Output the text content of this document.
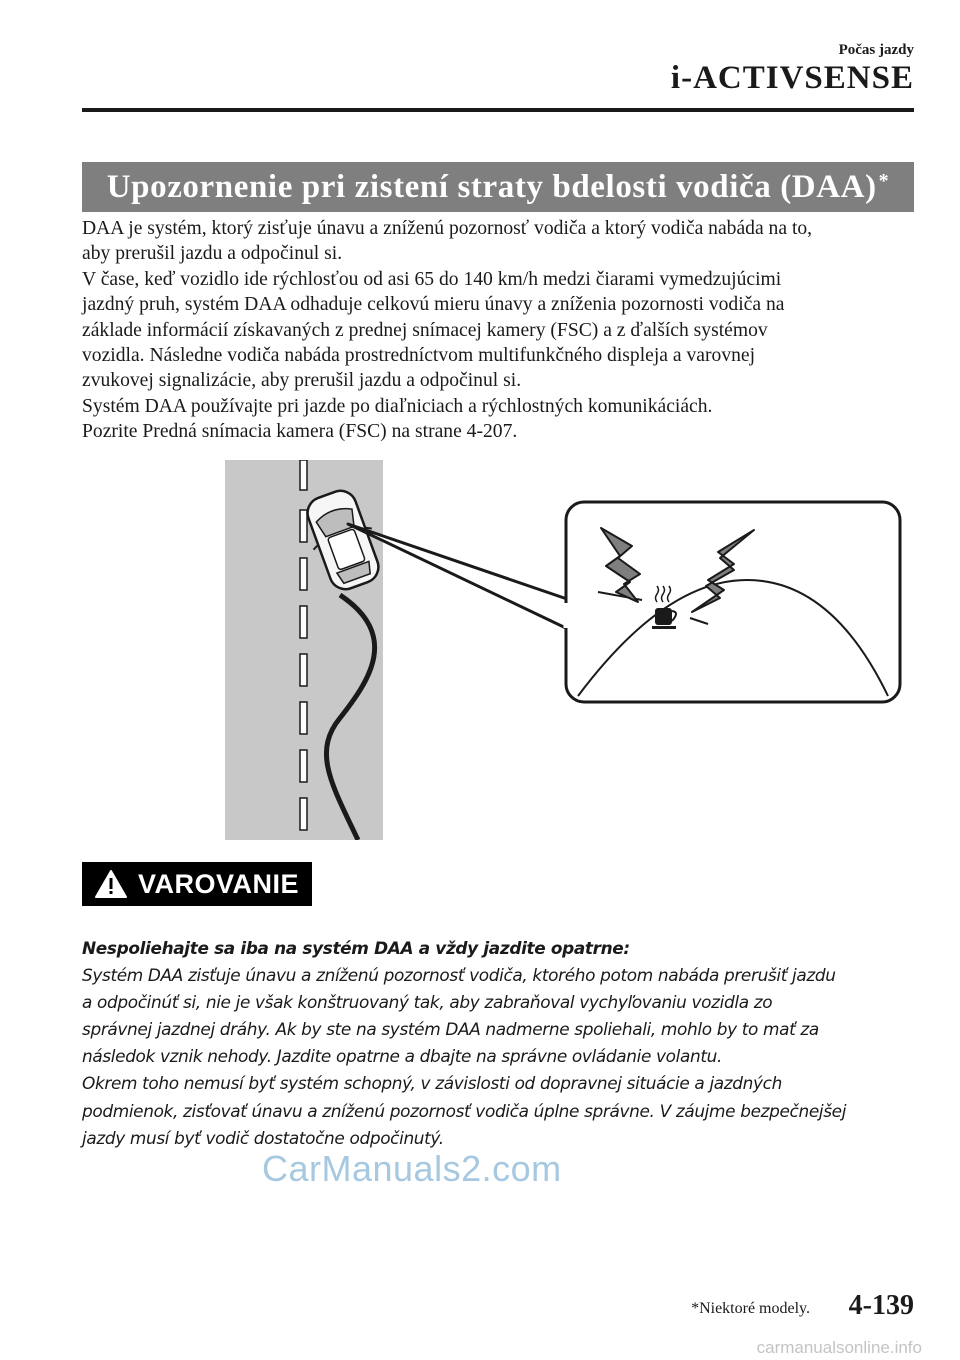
Počas jazdy
i-ACTIVSENSE
Upozornenie pri zistení straty bdelosti vodiča (DAA)*

DAA je systém, ktorý zisťuje únavu a zníženú pozornosť vodiča a ktorý vodiča nabáda na to,

aby prerušil jazdu a odpočinul si.

V čase, keď vozidlo ide rýchlosťou od asi 65 do 140 km/h medzi čiarami vymedzujúcimi

jazdný pruh, systém DAA odhaduje celkovú mieru únavy a zníženia pozornosti vodiča na

základe informácií získavaných z prednej snímacej kamery (FSC) a z ďalších systémov

vozidla. Následne vodiča nabáda prostredníctvom multifunkčného displeja a varovnej

zvukovej signalizácie, aby prerušil jazdu a odpočinul si.

Systém DAA používajte pri jazde po diaľniciach a rýchlostných komunikáciách.

Pozrite Predná snímacia kamera (FSC) na strane 4-207.

VAROVANIE

Nespoliehajte sa iba na systém DAA a vždy jazdite opatrne:

Systém DAA zisťuje únavu a zníženú pozornosť vodiča, ktorého potom nabáda prerušiť jazdu

a odpočinúť si, nie je však konštruovaný tak, aby zabraňoval vychyľovaniu vozidla zo

správnej jazdnej dráhy. Ak by ste na systém DAA nadmerne spoliehali, mohlo by to mať za

následok vznik nehody. Jazdite opatrne a dbajte na správne ovládanie volantu.

Okrem toho nemusí byť systém schopný, v závislosti od dopravnej situácie a jazdných

podmienok, zisťovať únavu a zníženú pozornosť vodiča úplne správne. V záujme bezpečnejšej

jazdy musí byť vodič dostatočne odpočinutý.

CarManuals2.com
*Niektoré modely. 4-139
carmanualsonline.info
